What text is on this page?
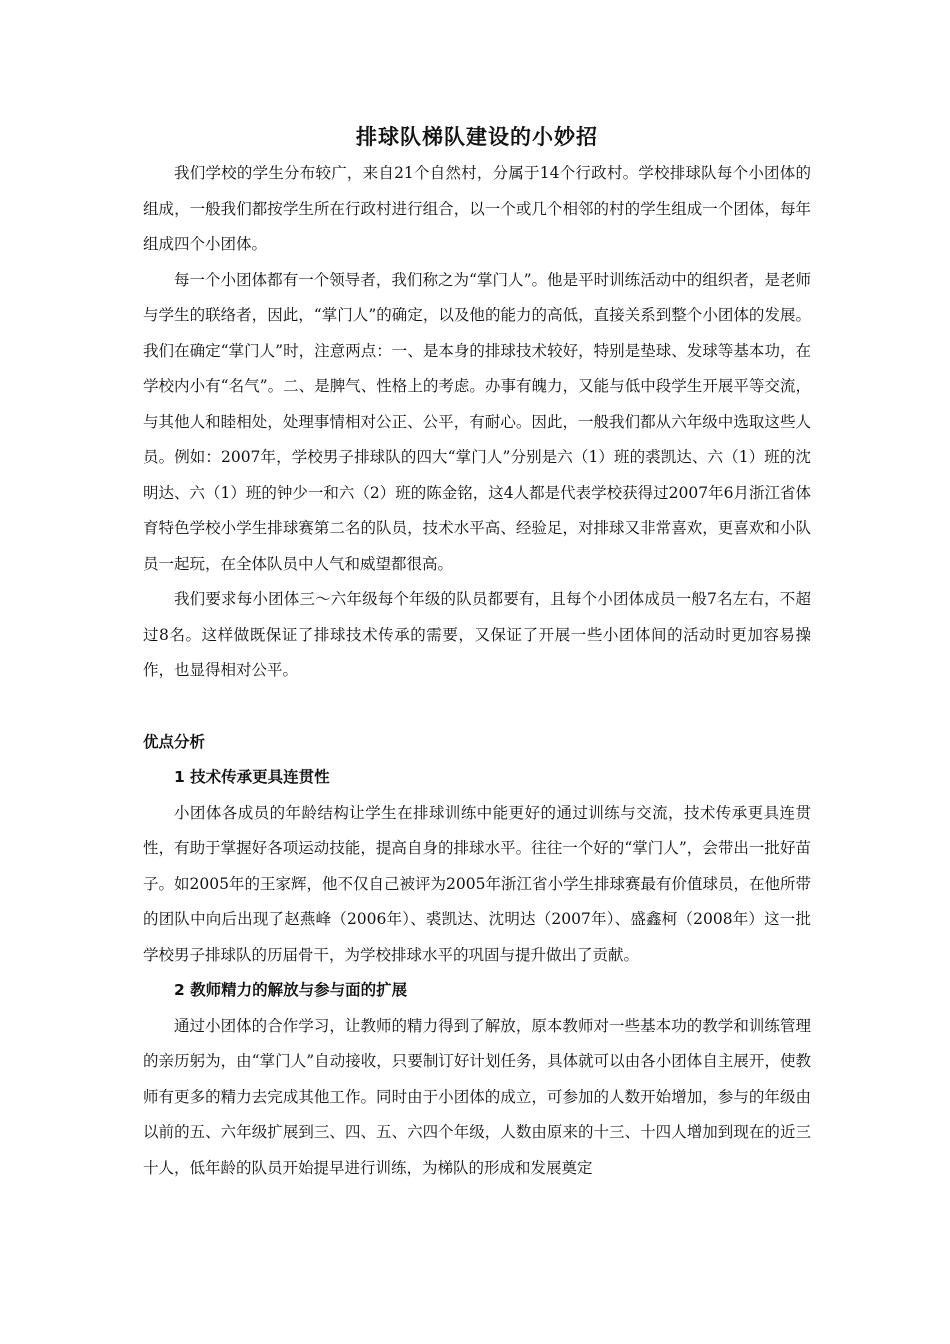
排球队梯队建设的小妙招

我们学校的学生分布较广，来自21个自然村，分属于14个行政村。学校排球队每个小团体的组成，一般我们都按学生所在行政村进行组合，以一个或几个相邻的村的学生组成一个团体，每年组成四个小团体。

每一个小团体都有一个领导者，我们称之为“掌门人”。他是平时训练活动中的组织者，是老师与学生的联络者，因此，“掌门人”的确定，以及他的能力的高低，直接关系到整个小团体的发展。我们在确定“掌门人”时，注意两点：一、是本身的排球技术较好，特别是垫球、发球等基本功，在学校内小有“名气”。二、是脾气、性格上的考虑。办事有魄力，又能与低中段学生开展平等交流，与其他人和睦相处，处理事情相对公正、公平，有耐心。因此，一般我们都从六年级中选取这些人员。例如：2007年，学校男子排球队的四大“掌门人”分别是六（1）班的裘凯达、六（1）班的沈明达、六（1）班的钟少一和六（2）班的陈金铭，这4人都是代表学校获得过2007年6月浙江省体育特色学校小学生排球赛第二名的队员，技术水平高、经验足，对排球又非常喜欢，更喜欢和小队员一起玩，在全体队员中人气和威望都很高。

我们要求每小团体三～六年级每个年级的队员都要有，且每个小团体成员一般7名左右，不超过8名。这样做既保证了排球技术传承的需要，又保证了开展一些小团体间的活动时更加容易操作，也显得相对公平。

优点分析
1 技术传承更具连贯性

小团体各成员的年龄结构让学生在排球训练中能更好的通过训练与交流，技术传承更具连贯性，有助于掌握好各项运动技能，提高自身的排球水平。往往一个好的“掌门人”，会带出一批好苗子。如2005年的王家辉，他不仅自己被评为2005年浙江省小学生排球赛最有价值球员，在他所带的团队中向后出现了赵燕峰（2006年）、裘凯达、沈明达（2007年）、盛鑫柯（2008年）这一批学校男子排球队的历届骨干，为学校排球水平的巩固与提升做出了贡献。

2 教师精力的解放与参与面的扩展

通过小团体的合作学习，让教师的精力得到了解放，原本教师对一些基本功的教学和训练管理的亲历躬为，由“掌门人”自动接收，只要制订好计划任务，具体就可以由各小团体自主展开，使教师有更多的精力去完成其他工作。同时由于小团体的成立，可参加的人数开始增加，参与的年级由以前的五、六年级扩展到三、四、五、六四个年级，人数由原来的十三、十四人增加到现在的近三十人，低年龄的队员开始提早进行训练，为梯队的形成和发展奠定
